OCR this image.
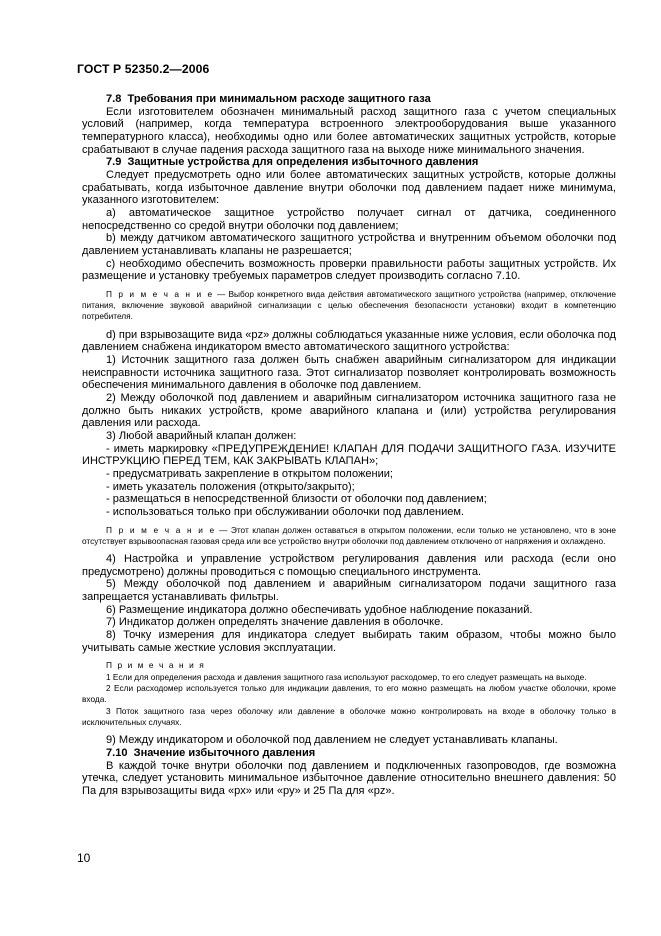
ГОСТ Р 52350.2—2006

7.8 Требования при минимальном расходе защитного газа

Если изготовителем обозначен минимальный расход защитного газа с учетом специальных условий (например, когда температура встроенного электрооборудования выше указанного температурного класса), необходимы одно или более автоматических защитных устройств, которые срабатывают в случае падения расхода защитного газа на выходе ниже минимального значения.

7.9 Защитные устройства для определения избыточного давления

Следует предусмотреть одно или более автоматических защитных устройств, которые должны срабатывать, когда избыточное давление внутри оболочки под давлением падает ниже минимума, указанного изготовителем:

a) автоматическое защитное устройство получает сигнал от датчика, соединенного непосредственно со средой внутри оболочки под давлением;

b) между датчиком автоматического защитного устройства и внутренним объемом оболочки под давлением устанавливать клапаны не разрешается;

c) необходимо обеспечить возможность проверки правильности работы защитных устройств. Их размещение и установку требуемых параметров следует производить согласно 7.10.

П р и м е ч а н и е — Выбор конкретного вида действия автоматического защитного устройства (например, отключение питания, включение звуковой аварийной сигнализации с целью обеспечения безопасности установки) входит в компетенцию потребителя.

d) при взрывозащите вида «pz» должны соблюдаться указанные ниже условия, если оболочка под давлением снабжена индикатором вместо автоматического защитного устройства:

1) Источник защитного газа должен быть снабжен аварийным сигнализатором для индикации неисправности источника защитного газа. Этот сигнализатор позволяет контролировать возможность обеспечения минимального давления в оболочке под давлением.

2) Между оболочкой под давлением и аварийным сигнализатором источника защитного газа не должно быть никаких устройств, кроме аварийного клапана и (или) устройства регулирования давления или расхода.

3) Любой аварийный клапан должен:

- иметь маркировку «ПРЕДУПРЕЖДЕНИЕ! КЛАПАН ДЛЯ ПОДАЧИ ЗАЩИТНОГО ГАЗА. ИЗУЧИТЕ ИНСТРУКЦИЮ ПЕРЕД ТЕМ, КАК ЗАКРЫВАТЬ КЛАПАН»;

- предусматривать закрепление в открытом положении;

- иметь указатель положения (открыто/закрыто);

- размещаться в непосредственной близости от оболочки под давлением;

- использоваться только при обслуживании оболочки под давлением.

П р и м е ч а н и е — Этот клапан должен оставаться в открытом положении, если только не установлено, что в зоне отсутствует взрывоопасная газовая среда или все устройство внутри оболочки под давлением отключено от напряжения и охлаждено.

4) Настройка и управление устройством регулирования давления или расхода (если оно предусмотрено) должны проводиться с помощью специального инструмента.

5) Между оболочкой под давлением и аварийным сигнализатором подачи защитного газа запрещается устанавливать фильтры.

6) Размещение индикатора должно обеспечивать удобное наблюдение показаний.

7) Индикатор должен определять значение давления в оболочке.

8) Точку измерения для индикатора следует выбирать таким образом, чтобы можно было учитывать самые жесткие условия эксплуатации.

П р и м е ч а н и я

1 Если для определения расхода и давления защитного газа используют расходомер, то его следует размещать на выходе.

2 Если расходомер используется только для индикации давления, то его можно размещать на любом участке оболочки, кроме входа.

3 Поток защитного газа через оболочку или давление в оболочке можно контролировать на входе в оболочку только в исключительных случаях.

9) Между индикатором и оболочкой под давлением не следует устанавливать клапаны.

7.10 Значение избыточного давления

В каждой точке внутри оболочки под давлением и подключенных газопроводов, где возможна утечка, следует установить минимальное избыточное давление относительно внешнего давления: 50 Па для взрывозащиты вида «px» или «py» и 25 Па для «pz».

10
